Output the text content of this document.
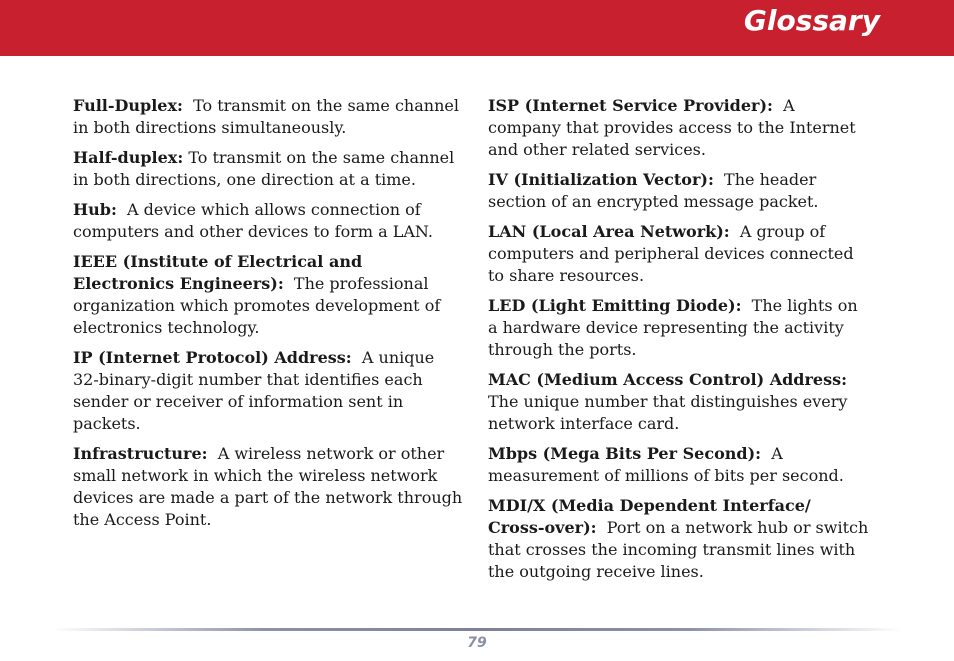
Glossary

Full-Duplex: To transmit on the same channel in both directions simultaneously.

Half-duplex: To transmit on the same channel in both directions, one direction at a time.

Hub: A device which allows connection of computers and other devices to form a LAN.

IEEE (Institute of Electrical and Electronics Engineers): The professional organization which promotes development of electronics technology.

IP (Internet Protocol) Address: A unique 32-binary-digit number that identifies each sender or receiver of information sent in packets.

Infrastructure: A wireless network or other small network in which the wireless network devices are made a part of the network through the Access Point.

ISP (Internet Service Provider): A company that provides access to the Internet and other related services.

IV (Initialization Vector): The header section of an encrypted message packet.

LAN (Local Area Network): A group of computers and peripheral devices connected to share resources.

LED (Light Emitting Diode): The lights on a hardware device representing the activity through the ports.

MAC (Medium Access Control) Address: The unique number that distinguishes every network interface card.

Mbps (Mega Bits Per Second): A measurement of millions of bits per second.

MDI/X (Media Dependent Interface/ Cross-over): Port on a network hub or switch that crosses the incoming transmit lines with the outgoing receive lines.

79
